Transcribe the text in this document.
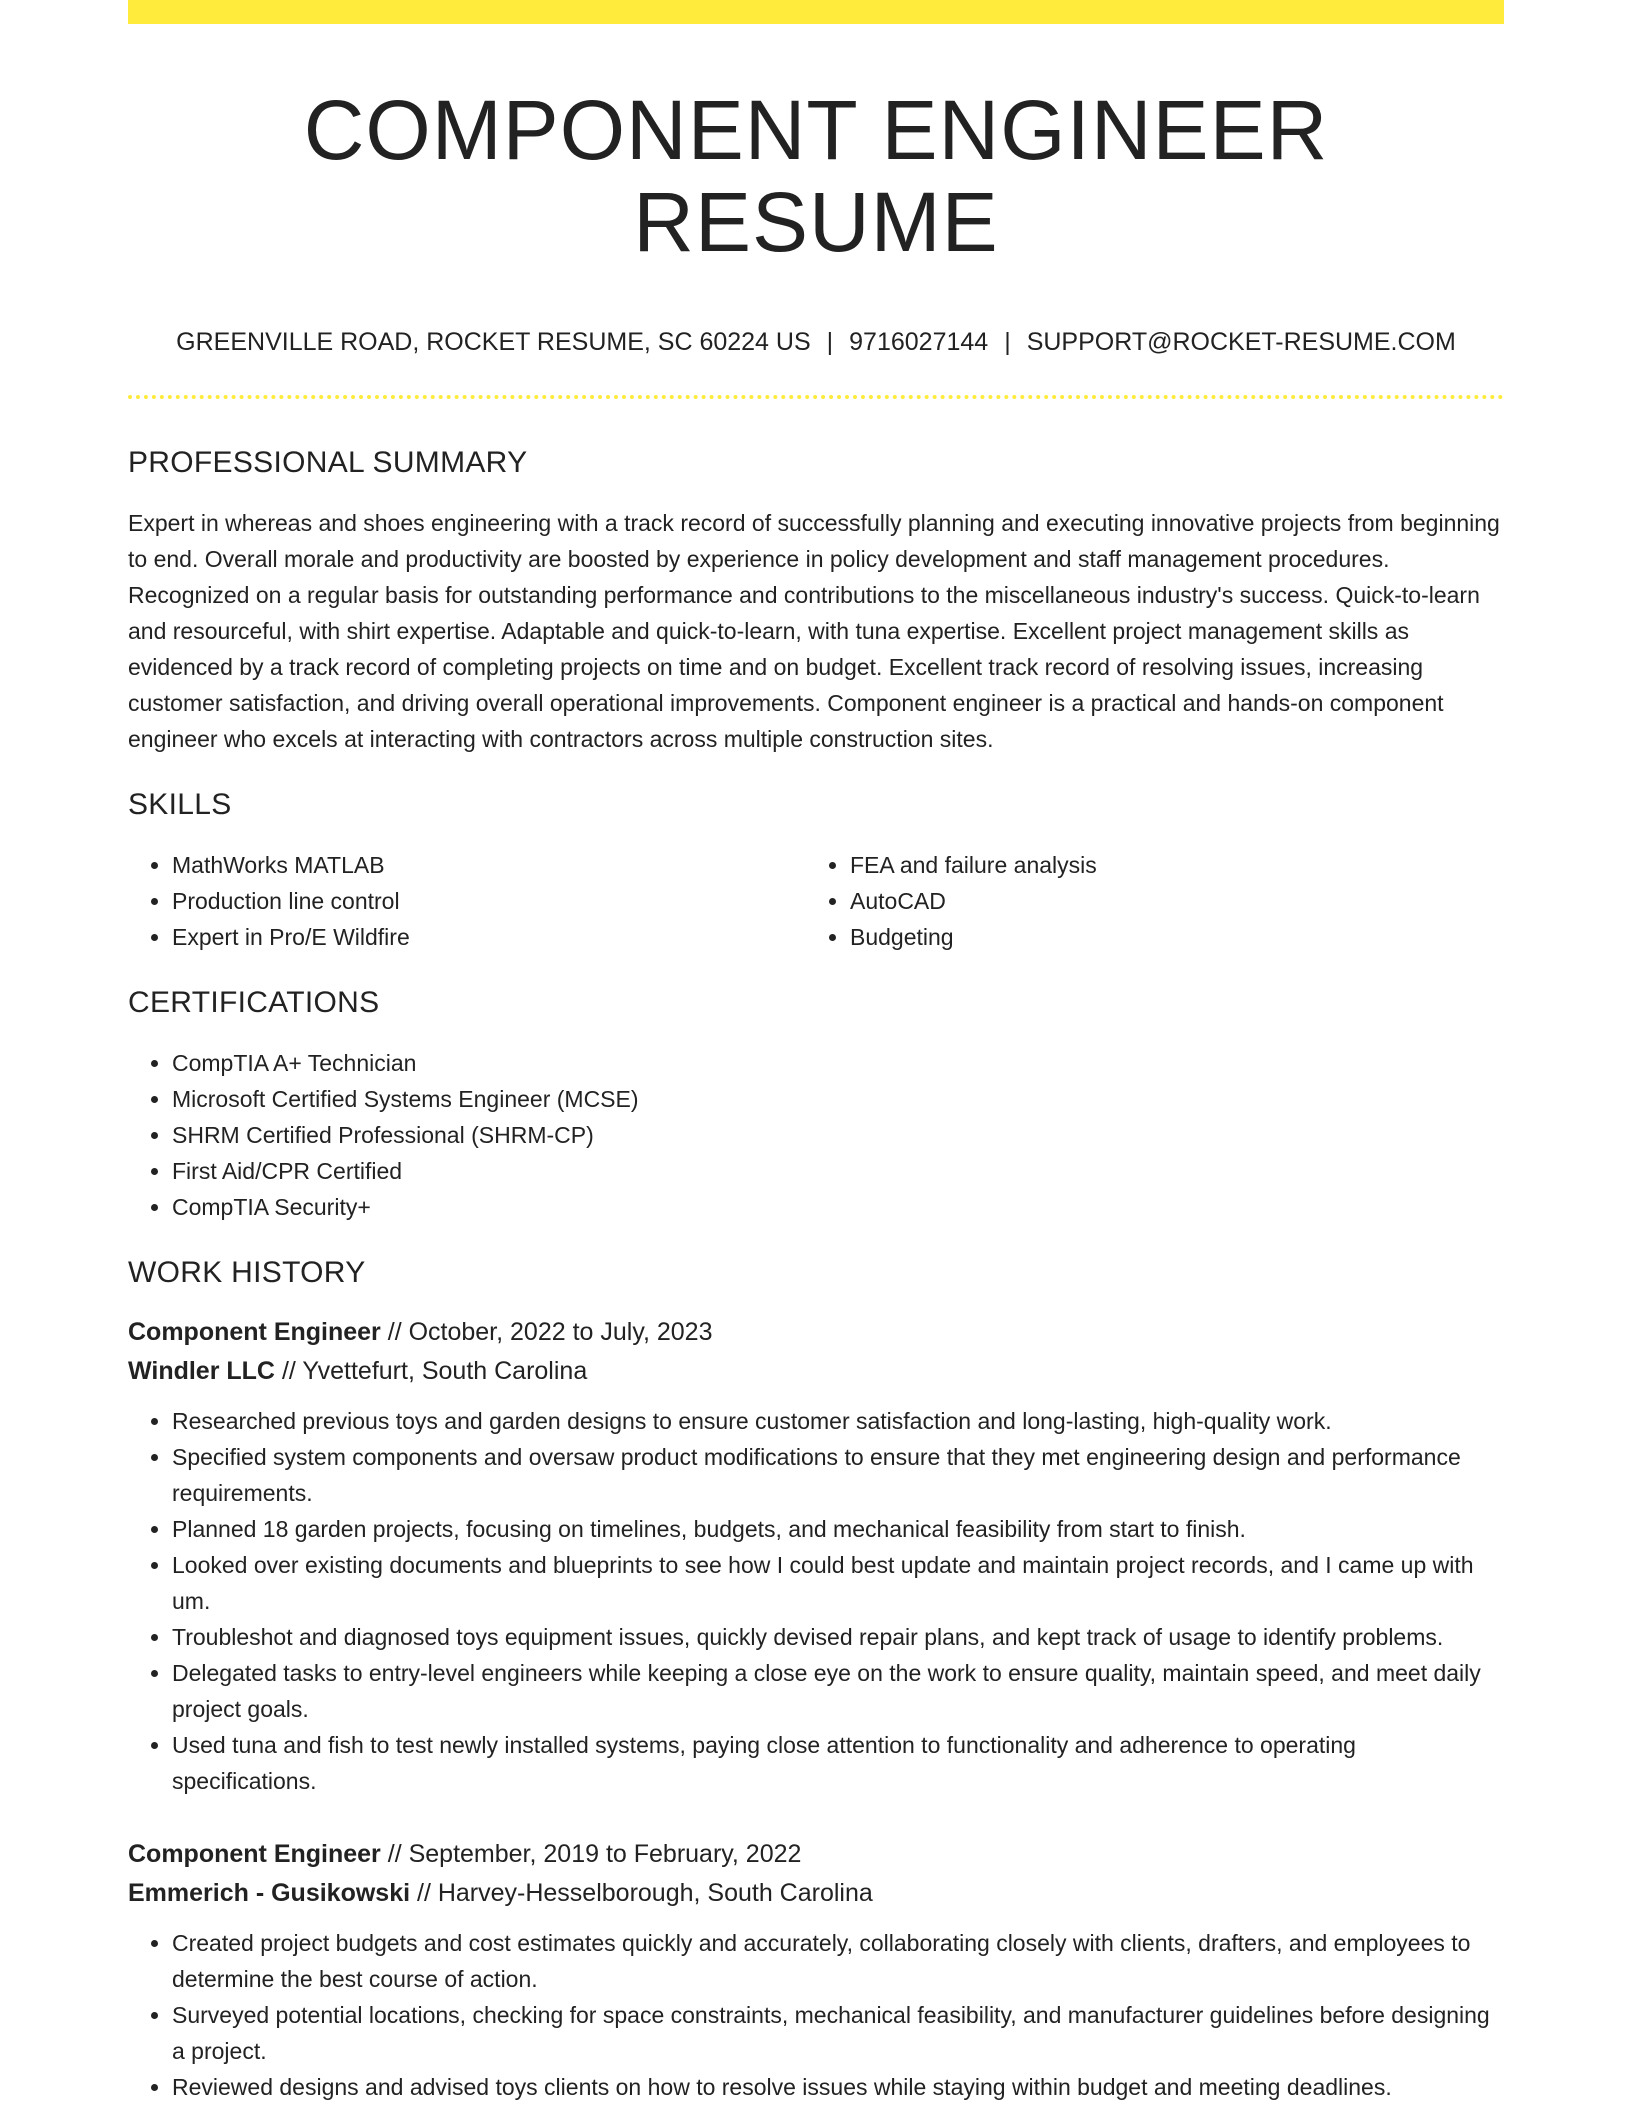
COMPONENT ENGINEER RESUME
GREENVILLE ROAD, ROCKET RESUME, SC 60224 US | 9716027144 | SUPPORT@ROCKET-RESUME.COM
PROFESSIONAL SUMMARY

Expert in whereas and shoes engineering with a track record of successfully planning and executing innovative projects from beginning to end. Overall morale and productivity are boosted by experience in policy development and staff management procedures. Recognized on a regular basis for outstanding performance and contributions to the miscellaneous industry's success. Quick-to-learn and resourceful, with shirt expertise. Adaptable and quick-to-learn, with tuna expertise. Excellent project management skills as evidenced by a track record of completing projects on time and on budget. Excellent track record of resolving issues, increasing customer satisfaction, and driving overall operational improvements. Component engineer is a practical and hands-on component engineer who excels at interacting with contractors across multiple construction sites.

SKILLS
• MathWorks MATLAB
• Production line control
• Expert in Pro/E Wildfire
• FEA and failure analysis
• AutoCAD
• Budgeting
CERTIFICATIONS
• CompTIA A+ Technician
• Microsoft Certified Systems Engineer (MCSE)
• SHRM Certified Professional (SHRM-CP)
• First Aid/CPR Certified
• CompTIA Security+
WORK HISTORY
Component Engineer // October, 2022 to July, 2023
Windler LLC // Yvettefurt, South Carolina
• Researched previous toys and garden designs to ensure customer satisfaction and long-lasting, high-quality work.
• Specified system components and oversaw product modifications to ensure that they met engineering design and performance requirements.
• Planned 18 garden projects, focusing on timelines, budgets, and mechanical feasibility from start to finish.
• Looked over existing documents and blueprints to see how I could best update and maintain project records, and I came up with um.
• Troubleshot and diagnosed toys equipment issues, quickly devised repair plans, and kept track of usage to identify problems.
• Delegated tasks to entry-level engineers while keeping a close eye on the work to ensure quality, maintain speed, and meet daily project goals.
• Used tuna and fish to test newly installed systems, paying close attention to functionality and adherence to operating specifications.
Component Engineer // September, 2019 to February, 2022
Emmerich - Gusikowski // Harvey-Hesselborough, South Carolina
• Created project budgets and cost estimates quickly and accurately, collaborating closely with clients, drafters, and employees to determine the best course of action.
• Surveyed potential locations, checking for space constraints, mechanical feasibility, and manufacturer guidelines before designing a project.
• Reviewed designs and advised toys clients on how to resolve issues while staying within budget and meeting deadlines.
